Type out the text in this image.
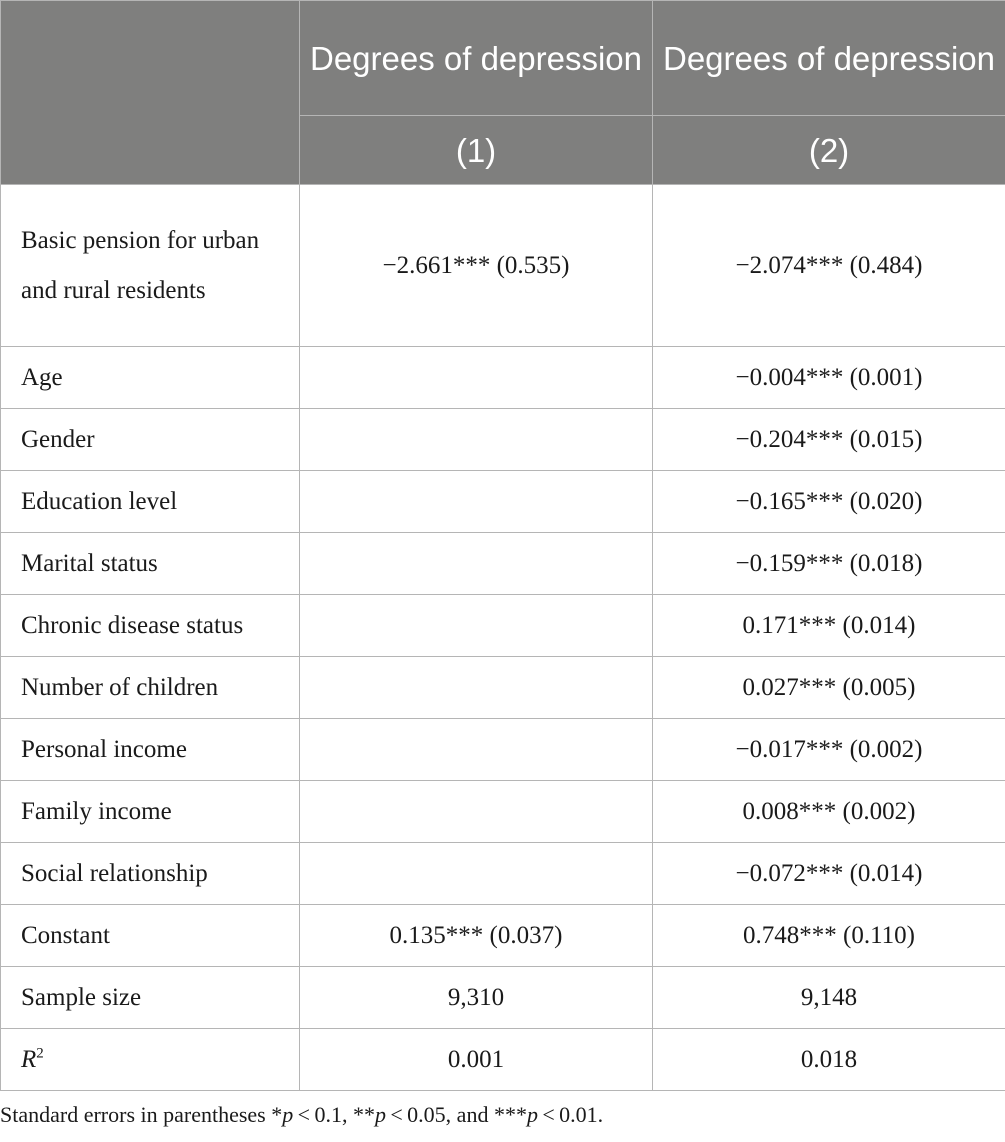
	Degrees of depression	Degrees of depression
	(1)	(2)
Basic pension for urban and rural residents	−2.661*** (0.535)	−2.074*** (0.484)
Age		−0.004*** (0.001)
Gender		−0.204*** (0.015)
Education level		−0.165*** (0.020)
Marital status		−0.159*** (0.018)
Chronic disease status		0.171*** (0.014)
Number of children		0.027*** (0.005)
Personal income		−0.017*** (0.002)
Family income		0.008*** (0.002)
Social relationship		−0.072*** (0.014)
Constant	0.135*** (0.037)	0.748*** (0.110)
Sample size	9,310	9,148
$R^2$	0.001	0.018
Standard errors in parentheses *p < 0.1, **p < 0.05, and ***p < 0.01.
